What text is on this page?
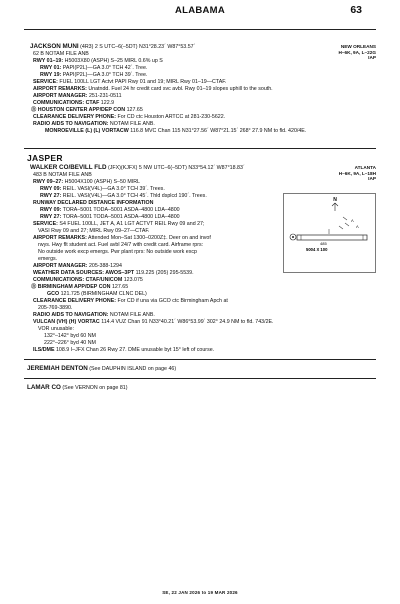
ALABAMA	63
JACKSON MUNI (4R3) 2 S UTC–6(–5DT) N31°28.23´ W87°53.57´
62 B NOTAM FILE ANB
NEW ORLEANS
H–6K, 9A, L–22G
IAP
RWY 01–19: H5003X80 (ASPH) S–25 MIRL 0.6% up S
RWY 01: PAPI(P2L)—GA 3.0° TCH 42´. Tree.
RWY 19: PAPI(P2L)—GA 3.0° TCH 39´. Tree.
SERVICE: FUEL 100LL LGT Actvt PAPI Rwy 01 and 19; MIRL Rwy 01–19—CTAF.
AIRPORT REMARKS: Unatndd. Fuel 24 hr credit card svc avbl. Rwy 01–19 slopes uphill to the south.
AIRPORT MANAGER: 251-231-0511
COMMUNICATIONS: CTAF 122.9
Ⓡ HOUSTON CENTER APP/DEP CON 127.65
CLEARANCE DELIVERY PHONE: For CD ctc Houston ARTCC at 281-230-5622.
RADIO AIDS TO NAVIGATION: NOTAM FILE ANB.
MONROEVILLE (L) (L) VORTACW 116.8 MVC Chan 115 N31°27.56´ W87°21.15´ 268° 27.9 NM to fld. 420/4E.
JASPER
WALKER CO/BEVILL FLD (JFX)(KJFX) 5 NW UTC–6(–5DT) N33°54.12´ W87°18.83´
483 B NOTAM FILE ANB
ATLANTA
H–6K, 9A, L–18H
IAP
RWY 09–27: H5004X100 (ASPH) S–50 MIRL
RWY 09: REIL. VASI(V4L)—GA 3.0° TCH 39´. Trees.
RWY 27: REIL. VASI(V4L)—GA 3.0° TCH 45´. Thld dsplcd 190´. Trees.
RUNWAY DECLARED DISTANCE INFORMATION
RWY 09: TORA–5001 TODA–5001 ASDA–4800 LDA–4800
RWY 27: TORA–5001 TODA–5001 ASDA–4800 LDA–4800
SERVICE: S4 FUEL 100LL, JET A, A1 LGT ACTVT REIL Rwy 09 and 27;
VASI Rwy 09 and 27; MIRL Rwy 09–27—CTAF.
AIRPORT REMARKS: Attended Mon–Sat 1300–0200Z‡. Deer on and invof
rwys. Hwy flt student act. Fuel avbl 24/7 with credit card. Airframe rprs:
No outside work excp emergs. Pwr plant rprs: No outside work excp
emergs.
AIRPORT MANAGER: 205-388-1294
WEATHER DATA SOURCES: AWOS–3PT 119.225 (205) 295-5539.
COMMUNICATIONS: CTAF/UNICOM 123.075
Ⓡ BIRMINGHAM APP/DEP CON 127.65
GCO 121.725 (BIRMINGHAM CLNC DEL)
CLEARANCE DELIVERY PHONE: For CD if una via GCO ctc Birmingham Apch at
205-769-3890.
RADIO AIDS TO NAVIGATION: NOTAM FILE ANB.
VULCAN (VH) (H) VORTAC 114.4 VUZ Chan 91 N33°40.21´ W86°53.99´ 302° 24.9 NM to fld. 743/2E.
VOR unusable:
132°–142° byd 60 NM
222°–226° byd 40 NM
ILS/DME 108.9 I–JFX Chan 26 Rwy 27. DME unusable byt 15° left of course.
N
Λ
Λ
485
5004 X 100
JEREMIAH DENTON (See DAUPHIN ISLAND on page 46)
LAMAR CO (See VERNON on page 81)
SE, 22 JAN 2026 to 19 MAR 2026
